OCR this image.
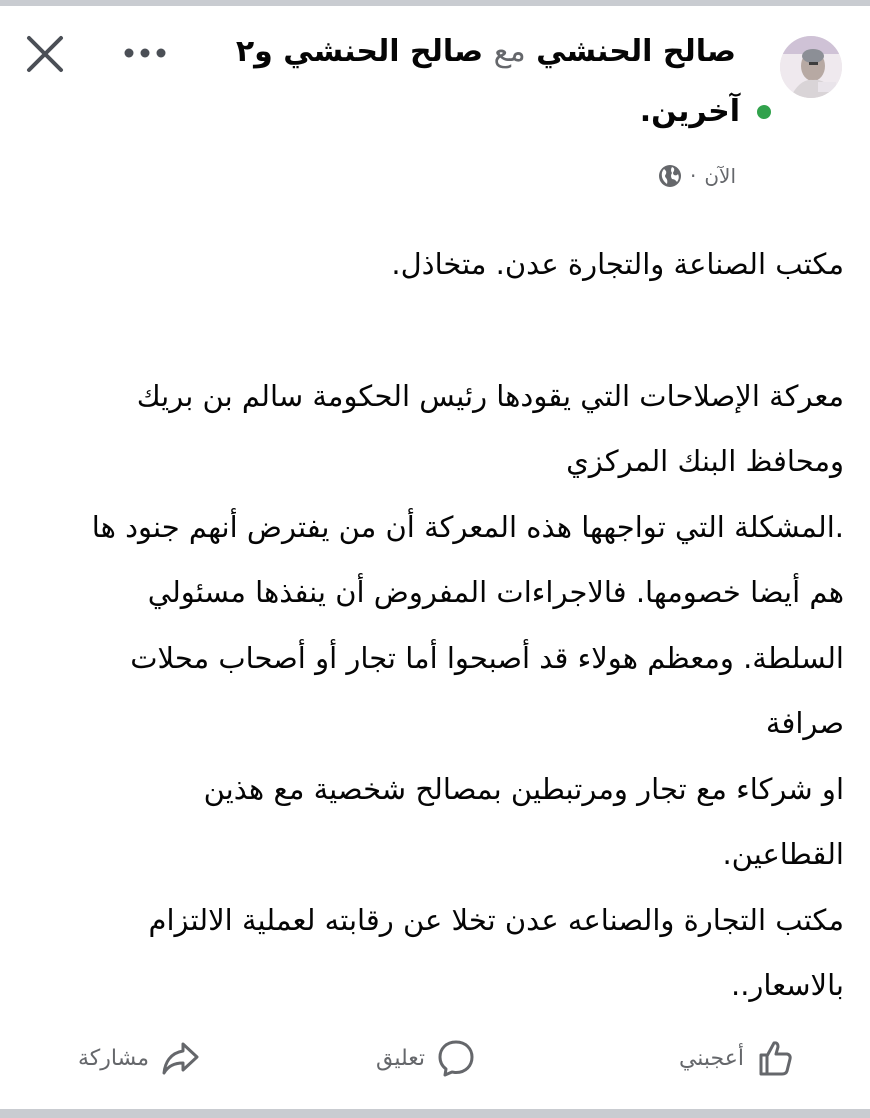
صالح الحنشي مع صالح الحنشي و٢
آخرين.
الآن
·

مكتب الصناعة والتجارة عدن. متخاذل.

معركة الإصلاحات التي يقودها رئيس الحكومة سالم بن بريك
ومحافظ البنك المركزي
.المشكلة التي تواجهها هذه المعركة أن من يفترض أنهم جنود ها
هم أيضا خصومها. فالاجراءات المفروض أن ينفذها مسئولي
السلطة. ومعظم هولاء قد أصبحوا أما تجار أو أصحاب محلات
صرافة
او شركاء مع تجار ومرتبطين بمصالح شخصية مع هذين
القطاعين.
مكتب التجارة والصناعه عدن تخلا عن رقابته لعملية الالتزام
بالاسعار..

أعجبني
تعليق
مشاركة
